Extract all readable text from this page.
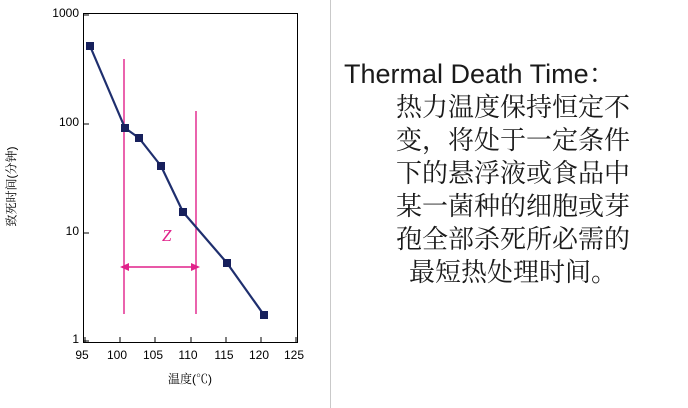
Z
1000
100
10
1
95	100 105 110 115 120 125
致死时间(分钟)
温度(℃)
Thermal Death Time：
热力温度保持恒定不
变，将处于一定条件
下的悬浮液或食品中
某一菌种的细胞或芽
孢全部杀死所必需的
最短热处理时间。
